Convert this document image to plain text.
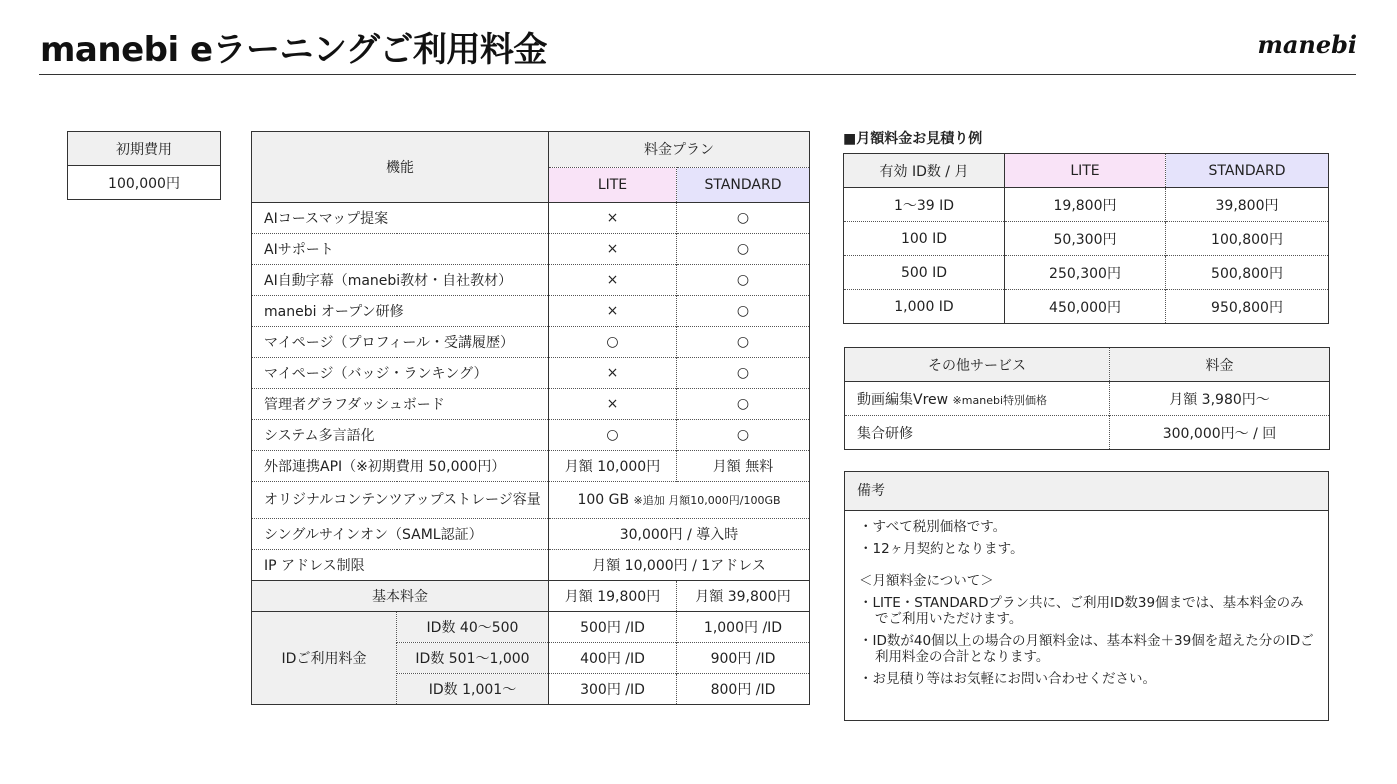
manebi eラーニングご利用料金	manebi
初期費用
100,000円
機能		料金プラン	
		LITE	STANDARD
AIコースマップ提案		×	○
AIサポート		×	○
AI自動字幕（manebi教材・自社教材）		×	○
manebi オープン研修		×	○
マイページ（プロフィール・受講履歴）		○	○
マイページ（バッジ・ランキング）		×	○
管理者グラフダッシュボード		×	○
システム多言語化		○	○
外部連携API（※初期費用 50,000円）		月額 10,000円	月額 無料
オリジナルコンテンツアップストレージ容量		100 GB ※追加 月額10,000円/100GB	
シングルサインオン（SAML認証）		30,000円 / 導入時	
IP アドレス制限		月額 10,000円 / 1アドレス	
基本料金		月額 19,800円	月額 39,800円
IDご利用料金	ID数 40〜500	500円 /ID	1,000円 /ID
	ID数 501〜1,000	400円 /ID	900円 /ID
	ID数 1,001〜	300円 /ID	800円 /ID
■月額料金お見積り例
有効 ID数 / 月	LITE	STANDARD
1〜39 ID	19,800円	39,800円
100 ID	50,300円	100,800円
500 ID	250,300円	500,800円
1,000 ID	450,000円	950,800円
その他サービス	料金
動画編集Vrew ※manebi特別価格	月額 3,980円〜
集合研修	300,000円〜 / 回
備考

・すべて税別価格です。

・12ヶ月契約となります。

＜月額料金について＞

・LITE・STANDARDプラン共に、ご利用ID数39個までは、基本料金のみでご利用いただけます。

・ID数が40個以上の場合の月額料金は、基本料金＋39個を超えた分のIDご利用料金の合計となります。

・お見積り等はお気軽にお問い合わせください。
